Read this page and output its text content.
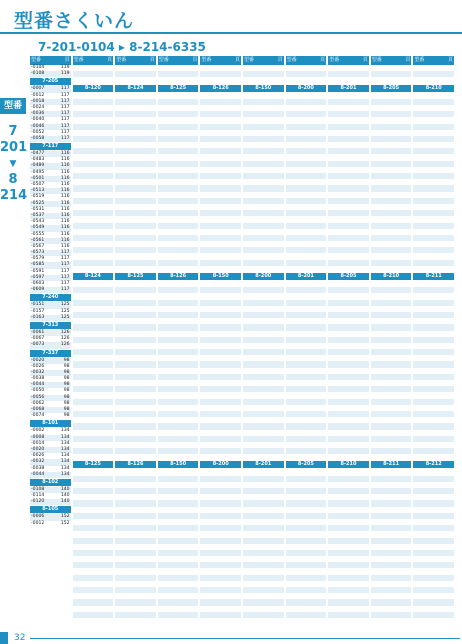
型番さくいん
7-201-0104 ▸ 8-214-6335
型番
7
201
▼
8
214
型番	頁
-0104	119
-0108	119
7-205
-0007	117
-0012	117
-0018	117
-0024	117
-0036	117
-0040	117
-0046	117
-0052	117
-0058	117
7-117
-0477	116
-0483	116
-0489	116
-0495	116
-0501	116
-0507	116
-0513	116
-0519	116
-0525	116
-0531	116
-0537	116
-0543	116
-0549	116
-0555	116
-0561	116
-0567	116
-0573	117
-0579	117
-0585	117
-0591	117
-0597	117
-0603	117
-0609	117
7-240
-0151	125
-0157	125
-0163	125
7-313
-0061	126
-0067	126
-0073	126
7-337
-0020	98
-0026	98
-0032	98
-0038	98
-0044	98
-0050	98
-0056	98
-0062	98
-0068	98
-0074	98
8-101
-0002	134
-0008	134
-0014	134
-0020	134
-0026	134
-0032	134
-0038	134
-0044	134
8-102
-0108	140
-0114	140
-0120	140
8-105
-0006	152
-0012	152
型番	頁
8-120
8-124
8-125
型番	頁
8-124
8-125
8-126
型番	頁
8-125
8-126
8-150
型番	頁
8-126
8-150
8-200
型番	頁
8-150
8-200
8-201
型番	頁
8-200
8-201
8-205
型番	頁
8-201
8-205
8-210
型番	頁
8-205
8-210
8-211
型番	頁
8-210
8-211
8-212
32
